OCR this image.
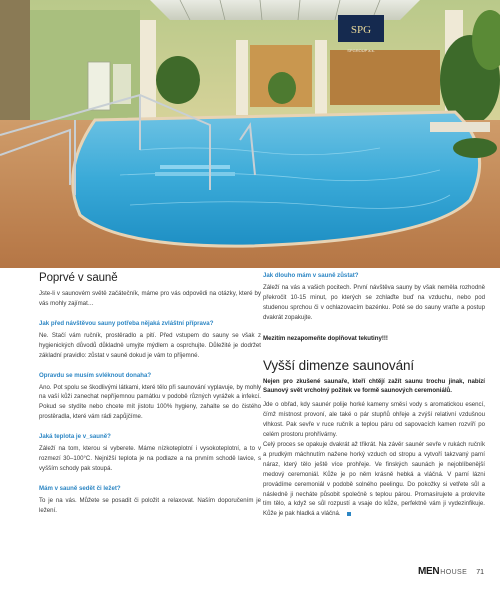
SPG
SPGROUP a.s.
Poprvé v sauně

Jste-li v saunovém světě začátečník, máme pro vás odpovědi na otázky, které by vás mohly zajímat…

Jak před návštěvou sauny potřeba nějaká zvláštní příprava?

Ne. Stačí vám ručník, prostěradlo a pití. Před vstupem do sauny se však z hygienických důvodů důkladně umyjte mýdlem a osprchujte. Důležité je dodržet základní pravidlo: zůstat v sauně dokud je vám to příjemné.

Opravdu se musím svléknout donaha?

Ano. Pot spolu se škodlivými látkami, které tělo při saunování vyplavuje, by mohly na vaší kůži zanechat nepříjemnou památku v podobě různých vyrážek a infekcí. Pokud se stydíte nebo chcete mít jistotu 100% hygieny, zahalte se do čistého prostěradla, které vám rádi zapůjčíme.

Jaká teplota je v_sauně?

Záleží na tom, kterou si vyberete. Máme nízkoteplotní i vysokoteplotní, a to v rozmezí 30–100°C. Nejnižší teplota je na podlaze a na prvním schodě lavice, s vyšším schody pak stoupá.

Mám v sauně sedět či ležet?

To je na vás. Můžete se posadit či položit a relaxovat. Naším doporučením je ležení.

Jak dlouho mám v sauně zůstat?

Záleží na vás a vašich pocitech. První návštěva sauny by však neměla rozhodně překročit 10-15 minut, po kterých se zchlaďte buď na vzduchu, nebo pod studenou sprchou či v ochlazovacím bazénku. Poté se do sauny vraťte a postup dvakrát zopakujte.

Mezitím nezapomeňte doplňovat tekutiny!!!

Vyšší dimenze saunování

Nejen pro zkušené saunaře, kteří chtějí zažít saunu trochu jinak, nabízí Saunový svět vrcholný požitek ve formě saunových ceremoniálů.

Jde o obřad, kdy saunér polije horké kameny směsí vody s aromatickou esencí, čímž místnost provoní, ale také o pár stupňů ohřeje a zvýší relativní vzdušnou vlhkost. Pak sevře v ruce ručník a teplou páru od sapovacích kamen rozvíří po celém prostoru prohřívárny.

Celý proces se opakuje dvakrát až třikrát. Na závěr saunér sevře v rukách ručník a prudkým máchnutím nažene horký vzduch od stropu a vytvoří takzvaný parní náraz, který tělo ještě více prohřeje. Ve finských saunách je nejoblíbenější medový ceremoniál. Kůže je po něm krásně hebká a vláčná. V parní lázni provádíme ceremoniál v podobě solného peelingu. Do pokožky si vetřete sůl a následně ji necháte působit společně s teplou párou. Promasírujete a prokrvíte tím tělo, a když se sůl rozpustí a vsaje do kůže, perfektně vám ji vydezinfikuje. Kůže je pak hladká a vláčná.

MEN HOUSE 71
